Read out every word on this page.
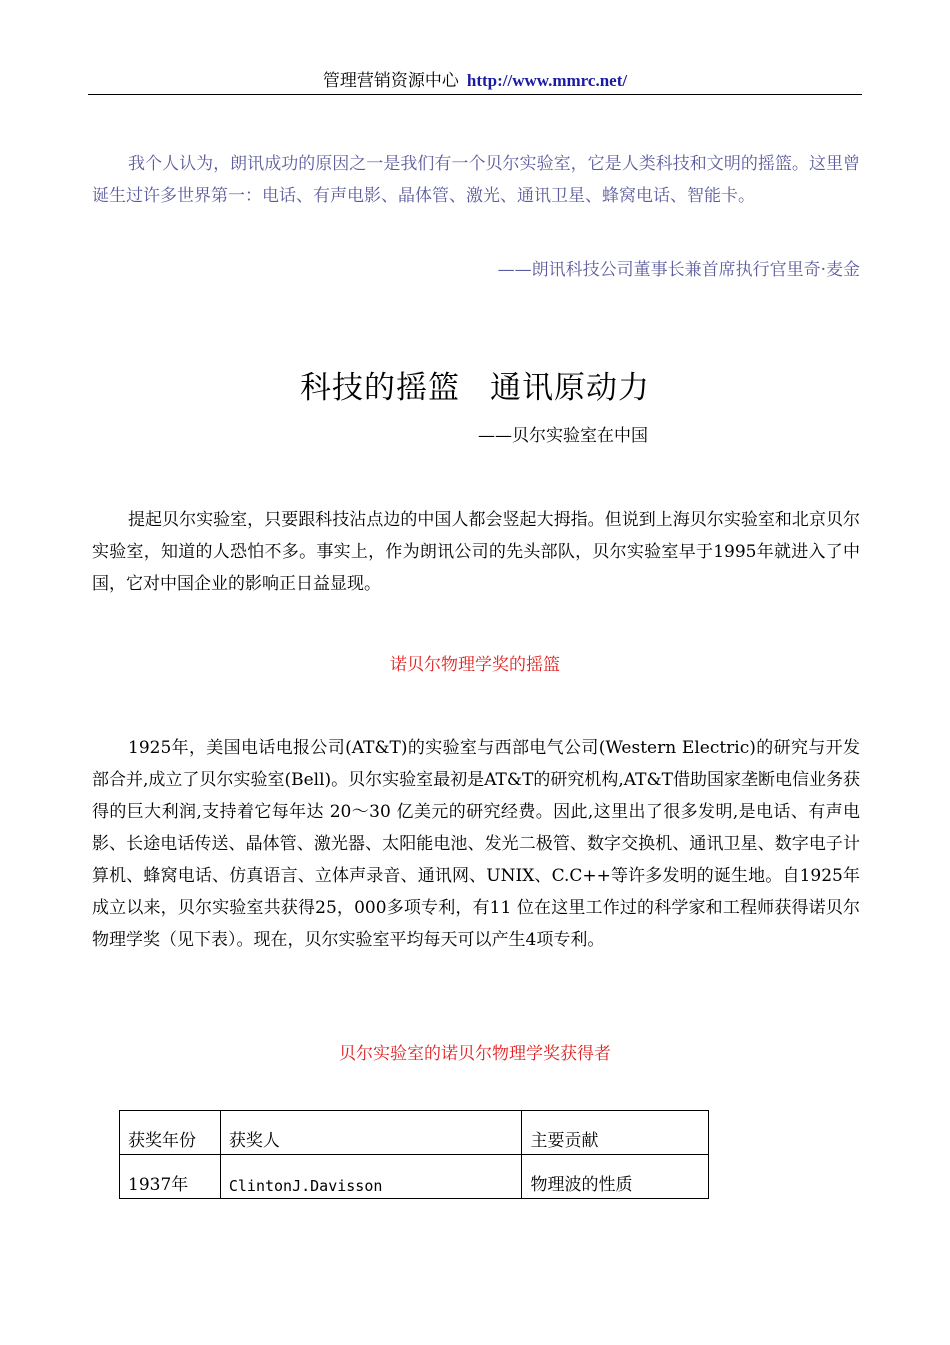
管理营销资源中心 http://www.mmrc.net/
我个人认为，朗讯成功的原因之一是我们有一个贝尔实验室，它是人类科技和文明的摇篮。这里曾诞生过许多世界第一：电话、有声电影、晶体管、激光、通讯卫星、蜂窝电话、智能卡。
——朗讯科技公司董事长兼首席执行官里奇·麦金
科技的摇篮 通讯原动力
——贝尔实验室在中国
提起贝尔实验室，只要跟科技沾点边的中国人都会竖起大拇指。但说到上海贝尔实验室和北京贝尔实验室，知道的人恐怕不多。事实上，作为朗讯公司的先头部队，贝尔实验室早于1995年就进入了中国，它对中国企业的影响正日益显现。
诺贝尔物理学奖的摇篮
1925年，美国电话电报公司(AT&T)的实验室与西部电气公司(Western Electric)的研究与开发部合并,成立了贝尔实验室(Bell)。贝尔实验室最初是AT&T的研究机构,AT&T借助国家垄断电信业务获得的巨大利润,支持着它每年达 20～30 亿美元的研究经费。因此,这里出了很多发明,是电话、有声电影、长途电话传送、晶体管、激光器、太阳能电池、发光二极管、数字交换机、通讯卫星、数字电子计算机、蜂窝电话、仿真语言、立体声录音、通讯网、UNIX、C.C++等许多发明的诞生地。自1925年成立以来，贝尔实验室共获得25，000多项专利，有11 位在这里工作过的科学家和工程师获得诺贝尔物理学奖（见下表）。现在，贝尔实验室平均每天可以产生4项专利。
贝尔实验室的诺贝尔物理学奖获得者
获奖年份	获奖人	主要贡献
1937年	ClintonJ.Davisson	物理波的性质
